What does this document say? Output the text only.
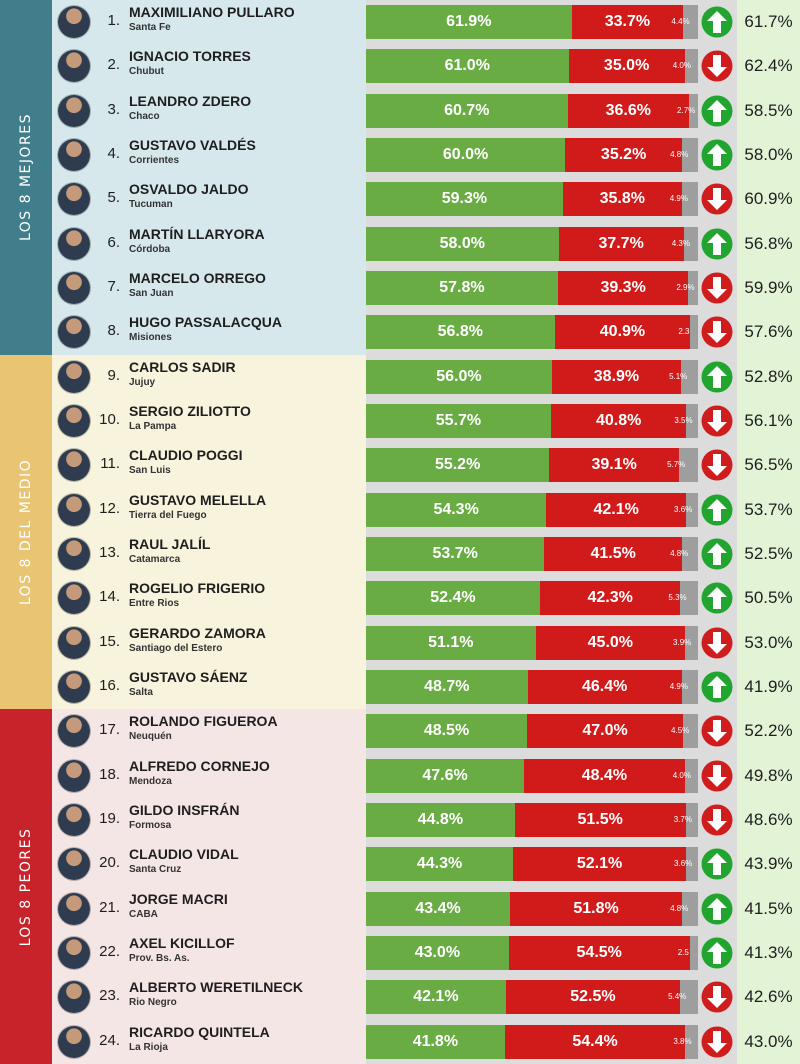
LOS 8 MEJORES
LOS 8 DEL MEDIO
LOS 8 PEORES
1. MAXIMILIANO PULLARO
Santa Fe	61.9%	33.7%	4.4%	61.7%
2. IGNACIO TORRES
Chubut	61.0%	35.0%	4.0%	62.4%
3. LEANDRO ZDERO
Chaco	60.7%	36.6%	2.7%	58.5%
4. GUSTAVO VALDÉS
Corrientes	60.0%	35.2%	4.8%	58.0%
5. OSVALDO JALDO
Tucuman	59.3%	35.8%	4.9%	60.9%
6. MARTÍN LLARYORA
Córdoba	58.0%	37.7%	4.3%	56.8%
7. MARCELO ORREGO
San Juan	57.8%	39.3%	2.9%	59.9%
8. HUGO PASSALACQUA
Misiones	56.8%	40.9%	2.3	57.6%
9. CARLOS SADIR
Jujuy	56.0%	38.9%	5.1%	52.8%
10. SERGIO ZILIOTTO
La Pampa	55.7%	40.8%	3.5%	56.1%
11. CLAUDIO POGGI
San Luis	55.2%	39.1%	5.7%	56.5%
12. GUSTAVO MELELLA
Tierra del Fuego	54.3%	42.1%	3.6%	53.7%
13. RAUL JALÍL
Catamarca	53.7%	41.5%	4.8%	52.5%
14. ROGELIO FRIGERIO
Entre Rios	52.4%	42.3%	5.3%	50.5%
15. GERARDO ZAMORA
Santiago del Estero	51.1%	45.0%	3.9%	53.0%
16. GUSTAVO SÁENZ
Salta	48.7%	46.4%	4.9%	41.9%
17. ROLANDO FIGUEROA
Neuquén	48.5%	47.0%	4.5%	52.2%
18. ALFREDO CORNEJO
Mendoza	47.6%	48.4%	4.0%	49.8%
19. GILDO INSFRÁN
Formosa	44.8%	51.5%	3.7%	48.6%
20. CLAUDIO VIDAL
Santa Cruz	44.3%	52.1%	3.6%	43.9%
21. JORGE MACRI
CABA	43.4%	51.8%	4.8%	41.5%
22. AXEL KICILLOF
Prov. Bs. As.	43.0%	54.5%	2.5	41.3%
23. ALBERTO WERETILNECK
Rio Negro	42.1%	52.5%	5.4%	42.6%
24. RICARDO QUINTELA
La Rioja	41.8%	54.4%	3.8%	43.0%
